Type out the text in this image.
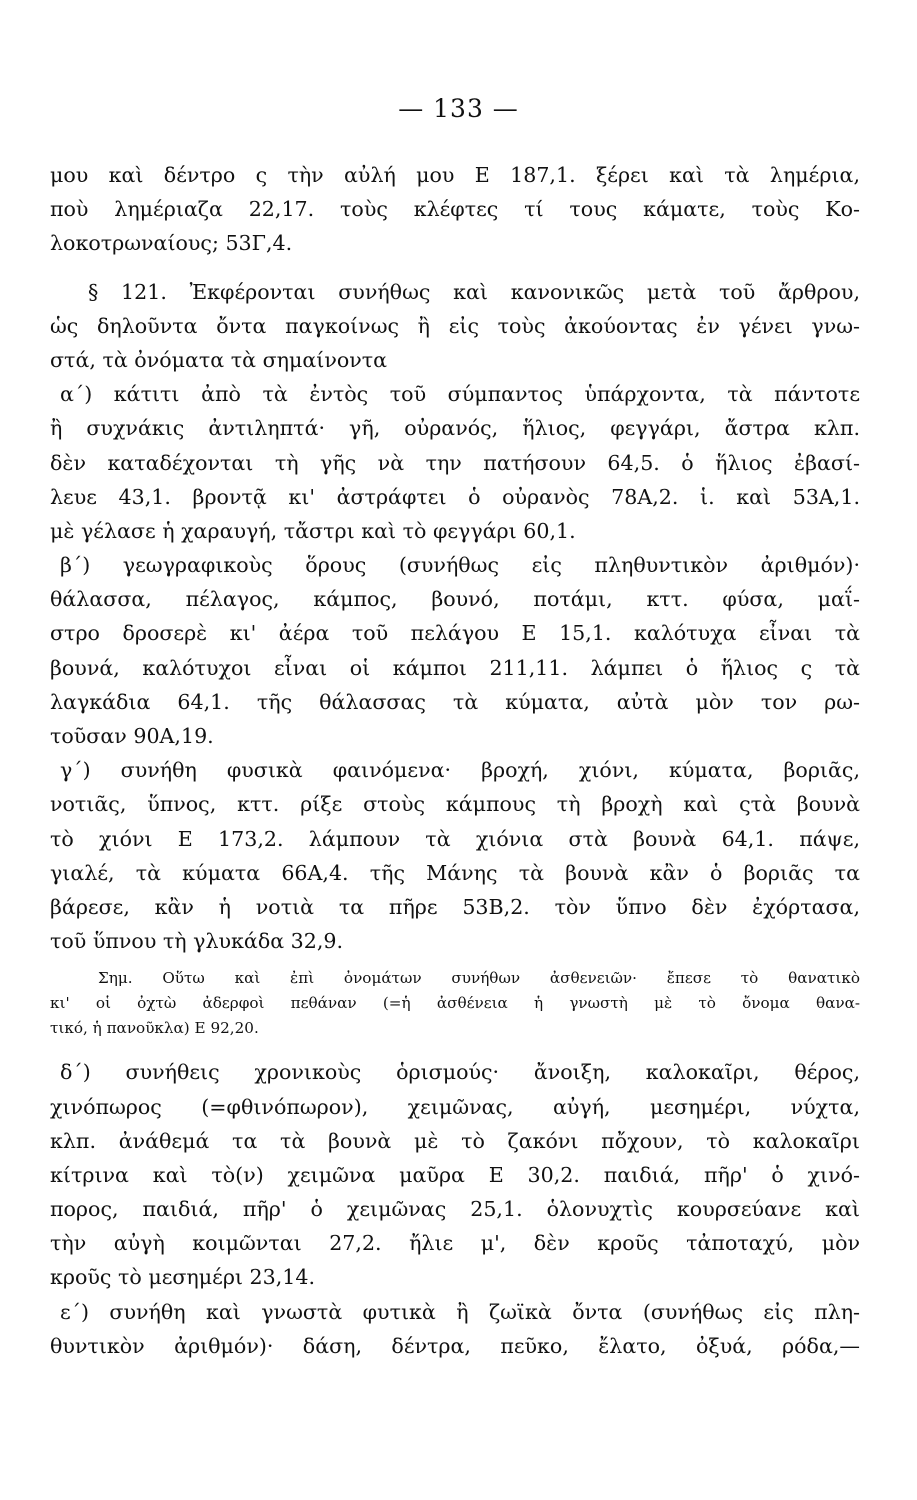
— 133 —
μου καὶ δέντρο ς τὴν αὐλή μου Ε 187,1. ξέρει καὶ τὰ λημέρια,
ποὺ λημέριαζα 22,17. τοὺς κλέφτες τί τους κάματε, τοὺς Κο-
λοκοτρωναίους; 53Γ,4.
§ 121. Ἐκφέρονται συνήθως καὶ κανονικῶς μετὰ τοῦ ἄρθρου,
ὡς δηλοῦντα ὄντα παγκοίνως ἢ εἰς τοὺς ἀκούοντας ἐν γένει γνω-
στά, τὰ ὀνόματα τὰ σημαίνοντα
α΄) κάτιτι ἀπὸ τὰ ἐντὸς τοῦ σύμπαντος ὑπάρχοντα, τὰ πάντοτε
ἢ συχνάκις ἀντιληπτά· γῆ, οὐρανός, ἥλιος, φεγγάρι, ἄστρα κλπ.
δὲν καταδέχονται τὴ γῆς νὰ την πατήσουν 64,5. ὁ ἥλιος ἐβασί-
λευε 43,1. βροντᾷ κι' ἀστράφτει ὁ οὐρανὸς 78Α,2. ἱ. καὶ 53Α,1.
μὲ γέλασε ἡ χαραυγή, τἄστρι καὶ τὸ φεγγάρι 60,1.
β΄) γεωγραφικοὺς ὅρους (συνήθως εἰς πληθυντικὸν ἀριθμόν)·
θάλασσα, πέλαγος, κάμπος, βουνό, ποτάμι, κττ. φύσα, μαΐ-
στρο δροσερὲ κι' ἀέρα τοῦ πελάγου Ε 15,1. καλότυχα εἶναι τὰ
βουνά, καλότυχοι εἶναι οἱ κάμποι 211,11. λάμπει ὁ ἥλιος ς τὰ
λαγκάδια 64,1. τῆς θάλασσας τὰ κύματα, αὐτὰ μὸν τον ρω-
τοῦσαν 90Α,19.
γ΄) συνήθη φυσικὰ φαινόμενα· βροχή, χιόνι, κύματα, βοριᾶς,
νοτιᾶς, ὕπνος, κττ. ρίξε στοὺς κάμπους τὴ βροχὴ καὶ ςτὰ βουνὰ
τὸ χιόνι Ε 173,2. λάμπουν τὰ χιόνια στὰ βουνὰ 64,1. πάψε,
γιαλέ, τὰ κύματα 66Α,4. τῆς Μάνης τὰ βουνὰ κἂν ὁ βοριᾶς τα
βάρεσε, κἂν ἡ νοτιὰ τα πῆρε 53Β,2. τὸν ὕπνο δὲν ἐχόρτασα,
τοῦ ὕπνου τὴ γλυκάδα 32,9.
Σημ. Οὕτω καὶ ἐπὶ ὀνομάτων συνήθων ἀσθενειῶν· ἔπεσε τὸ θανατικὸ
κι' οἱ ὀχτὼ ἀδερφοὶ πεθάναν (=ἡ ἀσθένεια ἡ γνωστὴ μὲ τὸ ὄνομα θανα-
τικό, ἡ πανοῦκλα) Ε 92,20.
δ΄) συνήθεις χρονικοὺς ὁρισμούς· ἄνοιξη, καλοκαῖρι, θέρος,
χινόπωρος (=φθινόπωρον), χειμῶνας, αὐγή, μεσημέρι, νύχτα,
κλπ. ἀνάθεμά τα τὰ βουνὰ μὲ τὸ ζακόνι πὄχουν, τὸ καλοκαῖρι
κίτρινα καὶ τὸ(ν) χειμῶνα μαῦρα Ε 30,2. παιδιά, πῆρ' ὁ χινό-
πορος, παιδιά, πῆρ' ὁ χειμῶνας 25,1. ὁλονυχτὶς κουρσεύανε καὶ
τὴν αὐγὴ κοιμῶνται 27,2. ἤλιε μ', δὲν κροῦς τἀποταχύ, μὸν
κροῦς τὸ μεσημέρι 23,14.
ε΄) συνήθη καὶ γνωστὰ φυτικὰ ἢ ζωϊκὰ ὄντα (συνήθως εἰς πλη-
θυντικὸν ἀριθμόν)· δάση, δέντρα, πεῦκο, ἔλατο, ὀξυά, ρόδα,—
